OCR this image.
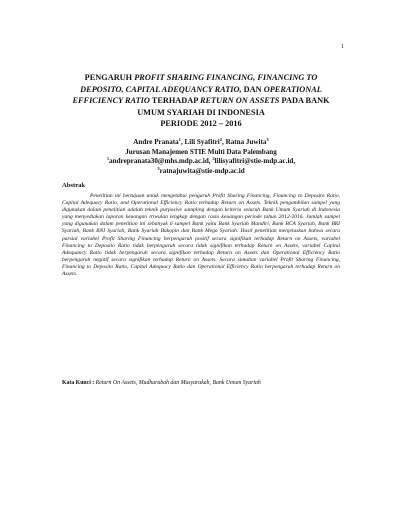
1
PENGARUH PROFIT SHARING FINANCING, FINANCING TO DEPOSITO, CAPITAL ADEQUANCY RATIO, DAN OPERATIONAL EFFICIENCY RATIO TERHADAP RETURN ON ASSETS PADA BANK UMUM SYARIAH DI INDONESIA
PERIODE 2012 – 2016
Andre Pranata$^1$, Lili Syafitri$^2$, Ratna Juwita$^3$
Jurusan Manajemen STIE Multi Data Palembang
$^1$andrepranata30@mhs.mdp.ac.id, $^2$lilisyafitri@stie-mdp.ac.id,
$^3$ratnajuwita@stie-mdp.ac.id
Abstrak
Penelitian ini bertujuan untuk mengetahui pengaruh Profit Sharing Financing, Financing to Deposito Ratio, Capital Adequacy Ratio, and Operational Efficiency Ratio terhadap Return on Assets. Teknik pengambilan sampel yang digunakan dalam penelitian adalah teknik purposive sampling dengan kriteria seluruh Bank Umum Syariah di Indonesia yang menyediakan laporan keuangan triwulan lengkap dengan rasio keuangan periode tahun 2012-2016. Jumlah sampel yang digunakan dalam penelitian ini sebanyak 6 sampel Bank yaitu Bank Syariah Mandiri, Bank BCA Syariah, Bank BRI Syariah, Bank BNI Syariah, Bank Syariah Bukopin dan Bank Mega Syariah. Hasil penelitian menjelaskan bahwa secara parsial variabel Profit Sharing Financing berpengaruh positif secara signifikan terhadap Return on Assets, variabel Financing to Deposito Ratio tidak berpengaruh secara tidak signifikan terhadap Return on Assets, variabel Capital Adequancy Ratio tidak berpengaruh secara signifikan terhadap Return on Assets dan Operational Efficiency Ratio berpengaruh negatif secara signifikan terhadap Return on Assets. Secara simultan variabel Profit Sharing Financing, Financing to Deposito Ratio, Capital Adequacy Ratio dan Operational Efficiency Ratio berpengaruh terhadap Return on Assets.
Kata Kunci : Return On Assets, Mudharabah dan Musyarakah, Bank Umum Syariah
